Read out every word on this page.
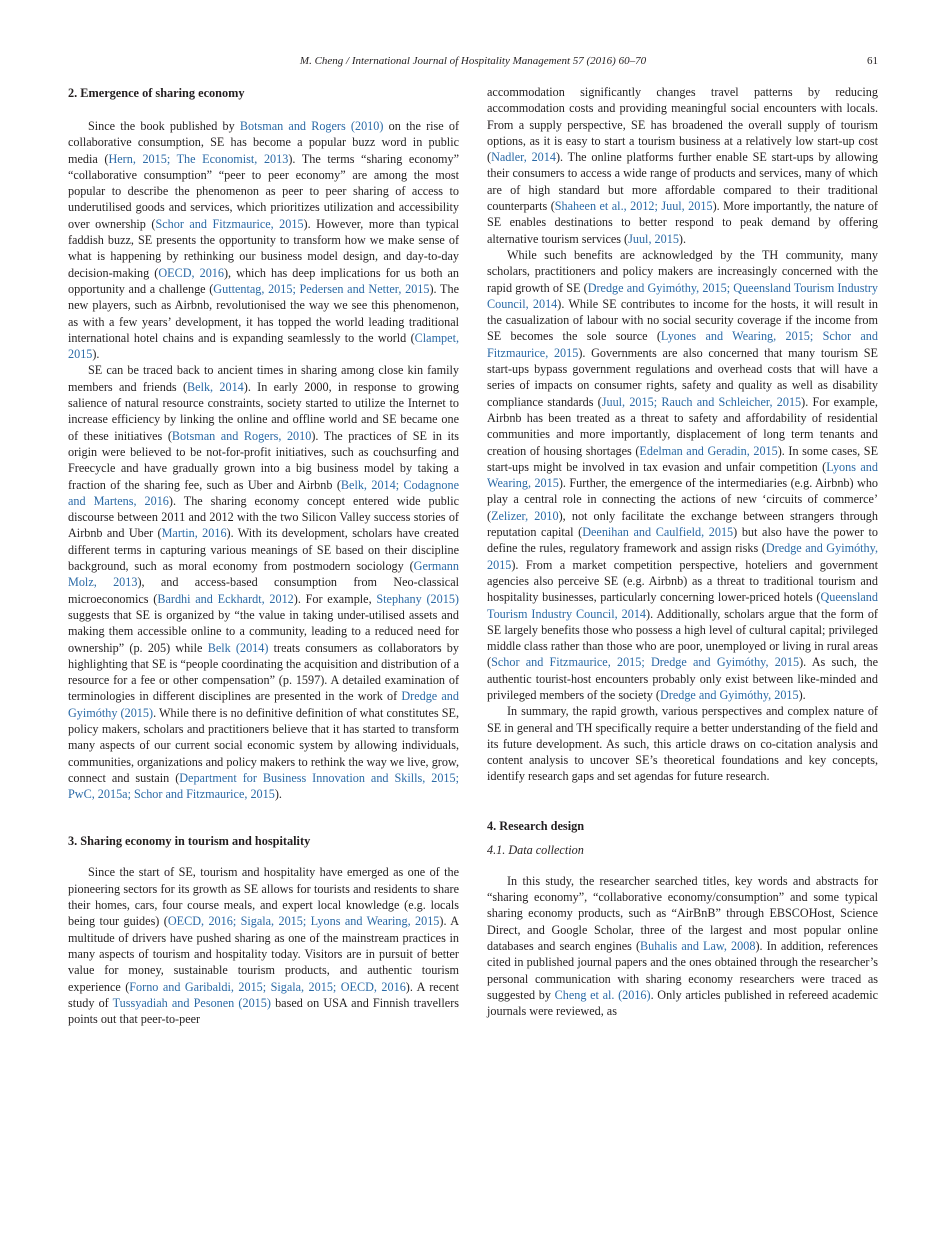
M. Cheng / International Journal of Hospitality Management 57 (2016) 60–70	61
2. Emergence of sharing economy

Since the book published by Botsman and Rogers (2010) on the rise of collaborative consumption, SE has become a popular buzz word in public media (Hern, 2015; The Economist, 2013). The terms “sharing economy” “collaborative consumption” “peer to peer economy” are among the most popular to describe the phenomenon as peer to peer sharing of access to underutilised goods and services, which prioritizes utilization and accessibility over ownership (Schor and Fitzmaurice, 2015). However, more than typical faddish buzz, SE presents the opportunity to transform how we make sense of what is happening by rethinking our business model design, and day-to-day decision-making (OECD, 2016), which has deep implications for us both an opportunity and a challenge (Guttentag, 2015; Pedersen and Netter, 2015). The new players, such as Airbnb, revolutionised the way we see this phenomenon, as with a few years’ development, it has topped the world leading traditional international hotel chains and is expanding seamlessly to the world (Clampet, 2015).

SE can be traced back to ancient times in sharing among close kin family members and friends (Belk, 2014). In early 2000, in response to growing salience of natural resource constraints, society started to utilize the Internet to increase efficiency by linking the online and offline world and SE became one of these initiatives (Botsman and Rogers, 2010). The practices of SE in its origin were believed to be not-for-profit initiatives, such as couchsurfing and Freecycle and have gradually grown into a big business model by taking a fraction of the sharing fee, such as Uber and Airbnb (Belk, 2014; Codagnone and Martens, 2016). The sharing economy concept entered wide public discourse between 2011 and 2012 with the two Silicon Valley success stories of Airbnb and Uber (Martin, 2016). With its development, scholars have created different terms in capturing various meanings of SE based on their discipline background, such as moral economy from postmodern sociology (Germann Molz, 2013), and access-based consumption from Neo-classical microeconomics (Bardhi and Eckhardt, 2012). For example, Stephany (2015) suggests that SE is organized by “the value in taking under-utilised assets and making them accessible online to a community, leading to a reduced need for ownership” (p. 205) while Belk (2014) treats consumers as collaborators by highlighting that SE is “people coordinating the acquisition and distribution of a resource for a fee or other compensation” (p. 1597). A detailed examination of terminologies in different disciplines are presented in the work of Dredge and Gyimóthy (2015). While there is no definitive definition of what constitutes SE, policy makers, scholars and practitioners believe that it has started to transform many aspects of our current social economic system by allowing individuals, communities, organizations and policy makers to rethink the way we live, grow, connect and sustain (Department for Business Innovation and Skills, 2015; PwC, 2015a; Schor and Fitzmaurice, 2015).

3. Sharing economy in tourism and hospitality

Since the start of SE, tourism and hospitality have emerged as one of the pioneering sectors for its growth as SE allows for tourists and residents to share their homes, cars, four course meals, and expert local knowledge (e.g. locals being tour guides) (OECD, 2016; Sigala, 2015; Lyons and Wearing, 2015). A multitude of drivers have pushed sharing as one of the mainstream practices in many aspects of tourism and hospitality today. Visitors are in pursuit of better value for money, sustainable tourism products, and authentic tourism experience (Forno and Garibaldi, 2015; Sigala, 2015; OECD, 2016). A recent study of Tussyadiah and Pesonen (2015) based on USA and Finnish travellers points out that peer-to-peer

accommodation significantly changes travel patterns by reducing accommodation costs and providing meaningful social encounters with locals. From a supply perspective, SE has broadened the overall supply of tourism options, as it is easy to start a tourism business at a relatively low start-up cost (Nadler, 2014). The online platforms further enable SE start-ups by allowing their consumers to access a wide range of products and services, many of which are of high standard but more affordable compared to their traditional counterparts (Shaheen et al., 2012; Juul, 2015). More importantly, the nature of SE enables destinations to better respond to peak demand by offering alternative tourism services (Juul, 2015).

While such benefits are acknowledged by the TH community, many scholars, practitioners and policy makers are increasingly concerned with the rapid growth of SE (Dredge and Gyimóthy, 2015; Queensland Tourism Industry Council, 2014). While SE contributes to income for the hosts, it will result in the casualization of labour with no social security coverage if the income from SE becomes the sole source (Lyones and Wearing, 2015; Schor and Fitzmaurice, 2015). Governments are also concerned that many tourism SE start-ups bypass government regulations and overhead costs that will have a series of impacts on consumer rights, safety and quality as well as disability compliance standards (Juul, 2015; Rauch and Schleicher, 2015). For example, Airbnb has been treated as a threat to safety and affordability of residential communities and more importantly, displacement of long term tenants and creation of housing shortages (Edelman and Geradin, 2015). In some cases, SE start-ups might be involved in tax evasion and unfair competition (Lyons and Wearing, 2015). Further, the emergence of the intermediaries (e.g. Airbnb) who play a central role in connecting the actions of new ‘circuits of commerce’ (Zelizer, 2010), not only facilitate the exchange between strangers through reputation capital (Deenihan and Caulfield, 2015) but also have the power to define the rules, regulatory framework and assign risks (Dredge and Gyimóthy, 2015). From a market competition perspective, hoteliers and government agencies also perceive SE (e.g. Airbnb) as a threat to traditional tourism and hospitality businesses, particularly concerning lower-priced hotels (Queensland Tourism Industry Council, 2014). Additionally, scholars argue that the form of SE largely benefits those who possess a high level of cultural capital; privileged middle class rather than those who are poor, unemployed or living in rural areas (Schor and Fitzmaurice, 2015; Dredge and Gyimóthy, 2015). As such, the authentic tourist-host encounters probably only exist between like-minded and privileged members of the society (Dredge and Gyimóthy, 2015).

In summary, the rapid growth, various perspectives and complex nature of SE in general and TH specifically require a better understanding of the field and its future development. As such, this article draws on co-citation analysis and content analysis to uncover SE’s theoretical foundations and key concepts, identify research gaps and set agendas for future research.

4. Research design
4.1. Data collection

In this study, the researcher searched titles, key words and abstracts for “sharing economy”, “collaborative economy/consumption” and some typical sharing economy products, such as “AirBnB” through EBSCOHost, Science Direct, and Google Scholar, three of the largest and most popular online databases and search engines (Buhalis and Law, 2008). In addition, references cited in published journal papers and the ones obtained through the researcher’s personal communication with sharing economy researchers were traced as suggested by Cheng et al. (2016). Only articles published in refereed academic journals were reviewed, as
